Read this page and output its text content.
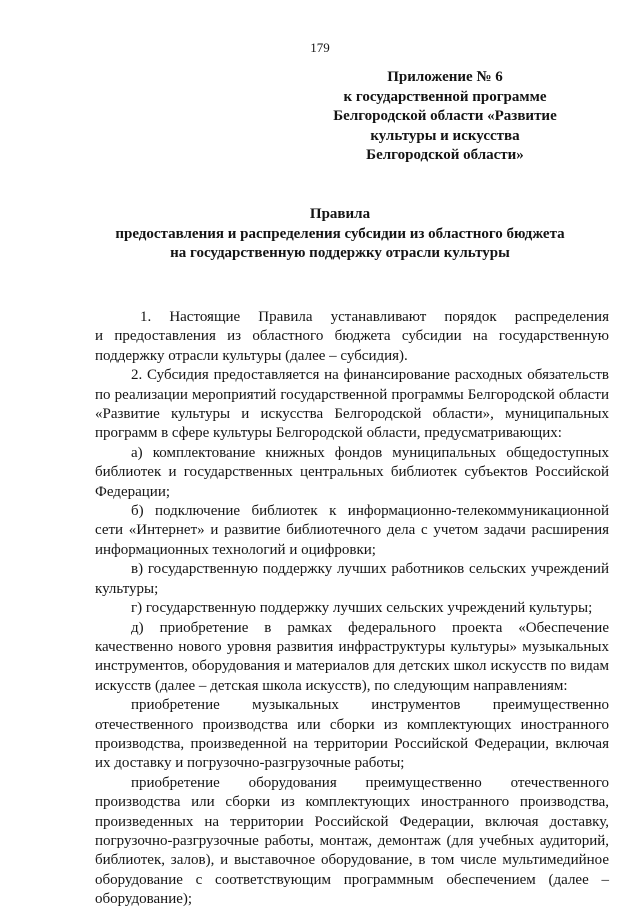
179
Приложение № 6
к государственной программе
Белгородской области «Развитие
культуры и искусства
Белгородской области»
Правила
предоставления и распределения субсидии из областного бюджета
на государственную поддержку отрасли культуры
1. Настоящие Правила устанавливают порядок распределения
и предоставления из областного бюджета субсидии на государственную
поддержку отрасли культуры (далее – субсидия).
2. Субсидия предоставляется на финансирование расходных обязательств
по реализации мероприятий государственной программы Белгородской области
«Развитие культуры и искусства Белгородской области», муниципальных
программ в сфере культуры Белгородской области, предусматривающих:
а) комплектование книжных фондов муниципальных общедоступных
библиотек и государственных центральных библиотек субъектов Российской
Федерации;
б) подключение библиотек к информационно-телекоммуникационной
сети «Интернет» и развитие библиотечного дела с учетом задачи расширения
информационных технологий и оцифровки;
в) государственную поддержку лучших работников сельских учреждений
культуры;
г) государственную поддержку лучших сельских учреждений культуры;
д) приобретение в рамках федерального проекта «Обеспечение
качественно нового уровня развития инфраструктуры культуры» музыкальных
инструментов, оборудования и материалов для детских школ искусств по видам
искусств (далее – детская школа искусств), по следующим направлениям:
приобретение музыкальных инструментов преимущественно
отечественного производства или сборки из комплектующих иностранного
производства, произведенной на территории Российской Федерации, включая
их доставку и погрузочно-разгрузочные работы;
приобретение оборудования преимущественно отечественного
производства или сборки из комплектующих иностранного производства,
произведенных на территории Российской Федерации, включая доставку,
погрузочно-разгрузочные работы, монтаж, демонтаж (для учебных аудиторий,
библиотек, залов), и выставочное оборудование, в том числе мультимедийное
оборудование с соответствующим программным обеспечением (далее –
оборудование);
